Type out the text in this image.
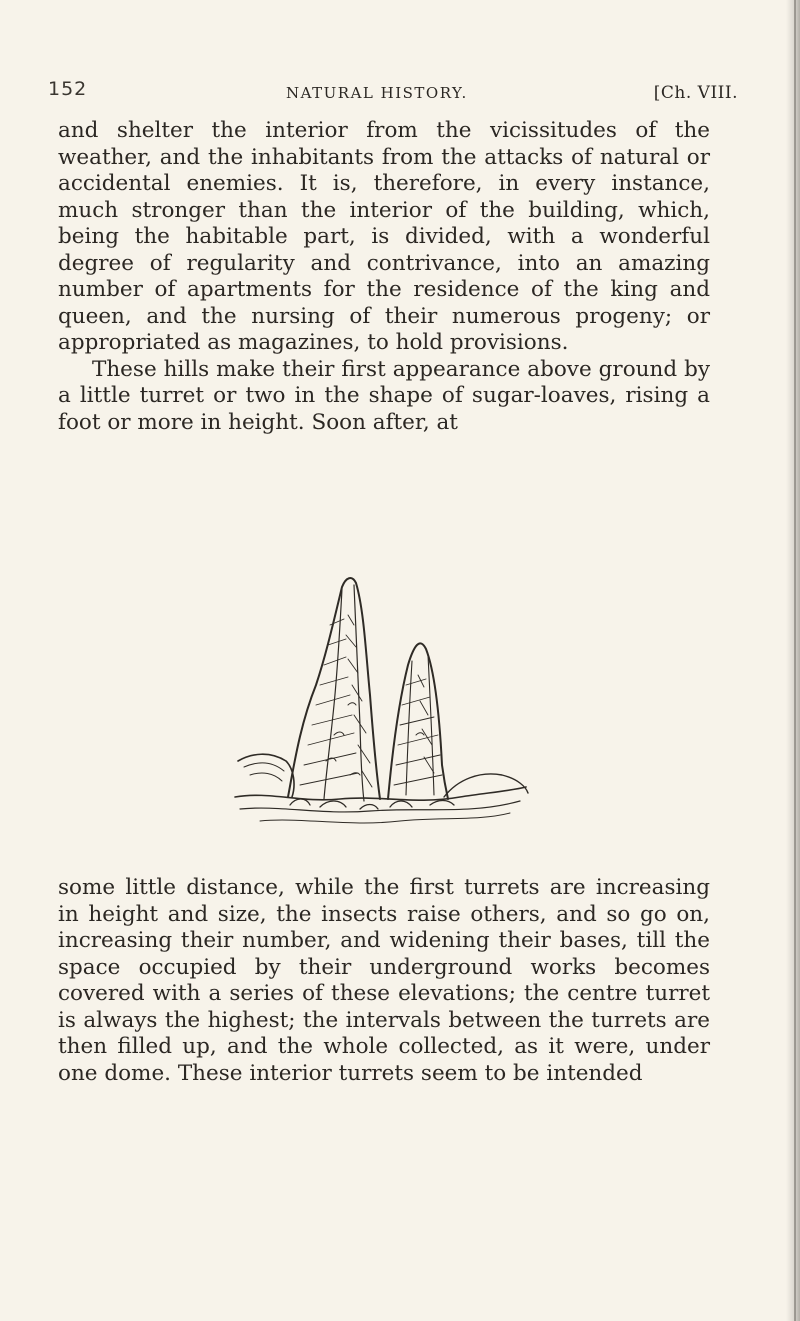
152	NATURAL HISTORY.	[Ch. VIII.

and shelter the interior from the vicissitudes of the weather, and the inhabitants from the attacks of natural or accidental enemies. It is, therefore, in every instance, much stronger than the interior of the building, which, being the habitable part, is divided, with a wonderful degree of regularity and contrivance, into an amazing number of apartments for the residence of the king and queen, and the nursing of their numerous progeny; or appropriated as magazines, to hold provisions.

These hills make their first appearance above ground by a little turret or two in the shape of sugar-loaves, rising a foot or more in height. Soon after, at

some little distance, while the first turrets are increasing in height and size, the insects raise others, and so go on, increasing their number, and widening their bases, till the space occupied by their underground works becomes covered with a series of these elevations; the centre turret is always the highest; the intervals between the turrets are then filled up, and the whole collected, as it were, under one dome. These interior turrets seem to be intended
